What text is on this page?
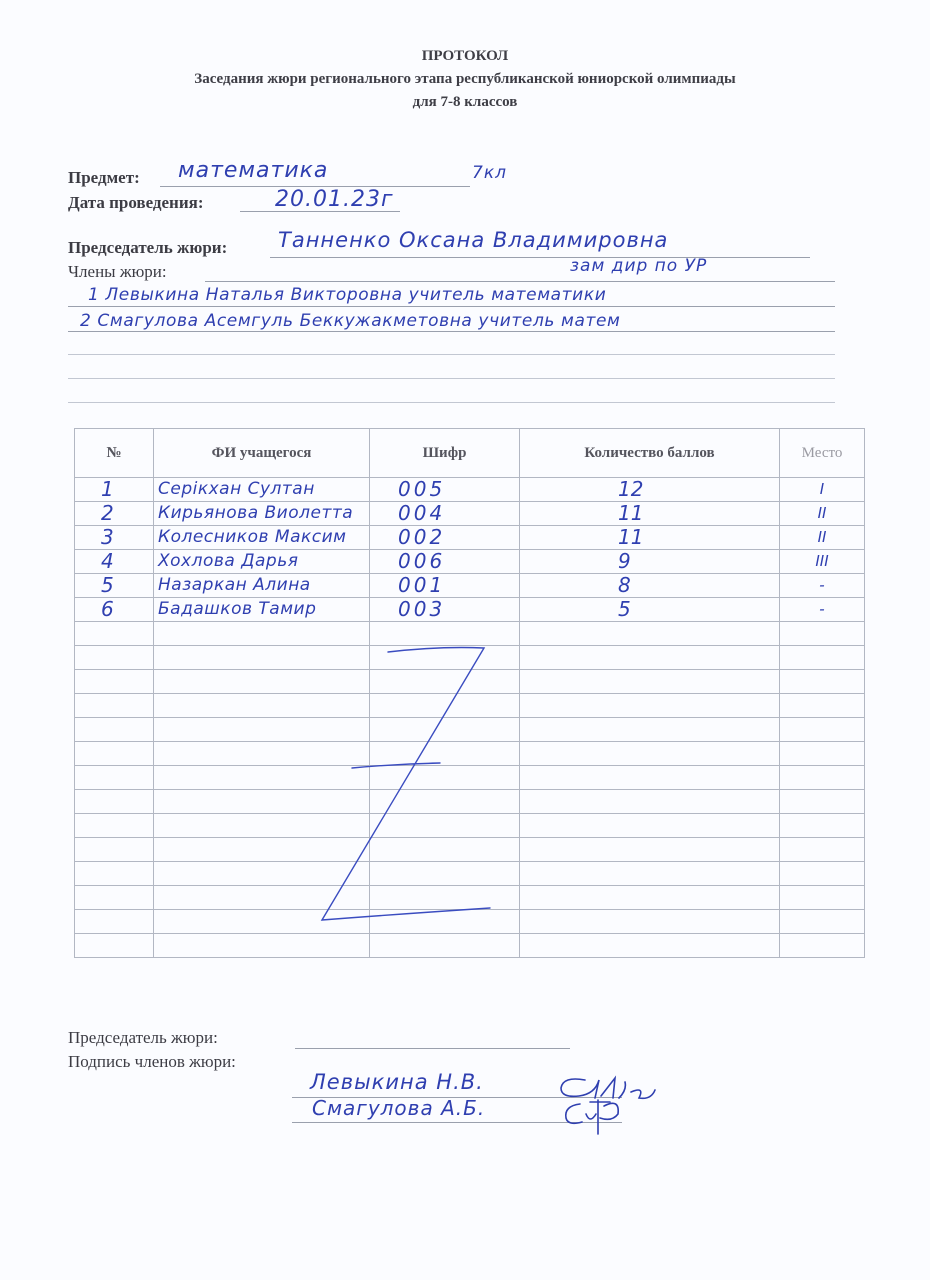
ПРОТОКОЛ
Заседания жюри регионального этапа республиканской юниорской олимпиады
для 7-8 классов
Предмет: математика	7кл
Дата проведения:	20.01.23г
Председатель жюри: Танненко Оксана Владимировна
Члены жюри:	зам дир по УР
1 Левыкина Наталья Викторовна учитель математики
2 Смагулова Асемгуль Беккужакметовна учитель матем
№	ФИ учащегося	Шифр	Количество баллов	Место
1	Серікхан Султан	005	12	I
2	Кирьянова Виолетта	004	11	II
3	Колесников Максим	002	11	II
4	Хохлова Дарья	006	9	III
5	Назаркан Алина	001	8	-
6	Бадашков Тамир	003	5	-

Председатель жюри:
Подпись членов жюри:
Левыкина Н.В.
Смагулова А.Б.
